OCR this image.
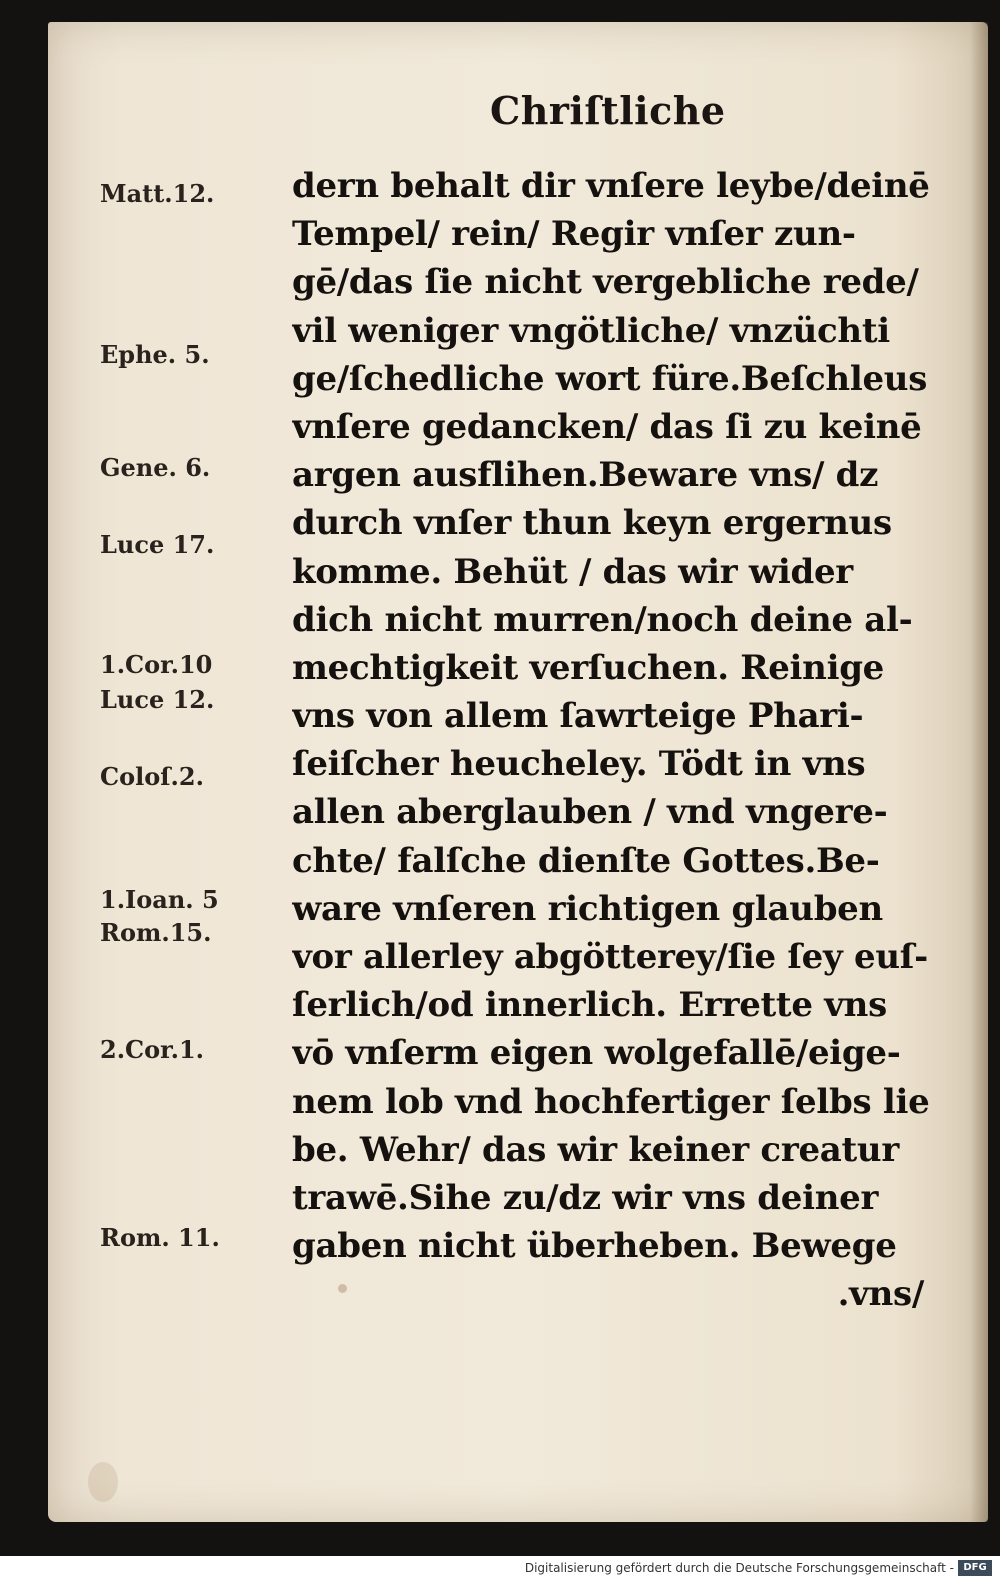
Chriſtliche
Matt.12.
Ephe. 5.
Gene. 6.
Luce 17.
1.Cor.10
Luce 12.
Coloſ.2.
1.Ioan. 5
Rom.15.
2.Cor.1.
Rom. 11.
dern behalt dir vnſere leybe/deinē
Tempel/ rein/ Regir vnſer zun-
gē/das ſie nicht vergebliche rede/
vil weniger vngötliche/ vnzüchti
ge/ſchedliche wort füre.Beſchleus
vnſere gedancken/ das ſi zu keinē
argen ausflihen.Beware vns/ dz
durch vnſer thun keyn ergernus
komme. Behüt / das wir wider
dich nicht murren/noch deine al-
mechtigkeit verſuchen. Reinige
vns von allem ſawrteige Phari-
ſeiſcher heucheley. Tödt in vns
allen aberglauben / vnd vngere-
chte/ falſche dienſte Gottes.Be-
ware vnſeren richtigen glauben
vor allerley abgötterey/ſie ſey euſ-
ſerlich/od innerlich. Errette vns
vō vnſerm eigen wolgefallē/eige-
nem lob vnd hochfertiger ſelbs lie
be. Wehr/ das wir keiner creatur
trawē.Sihe zu/dz wir vns deiner
gaben nicht überheben. Bewege
.vns/
Digitalisierung gefördert durch die Deutsche Forschungsgemeinschaft - DFG
